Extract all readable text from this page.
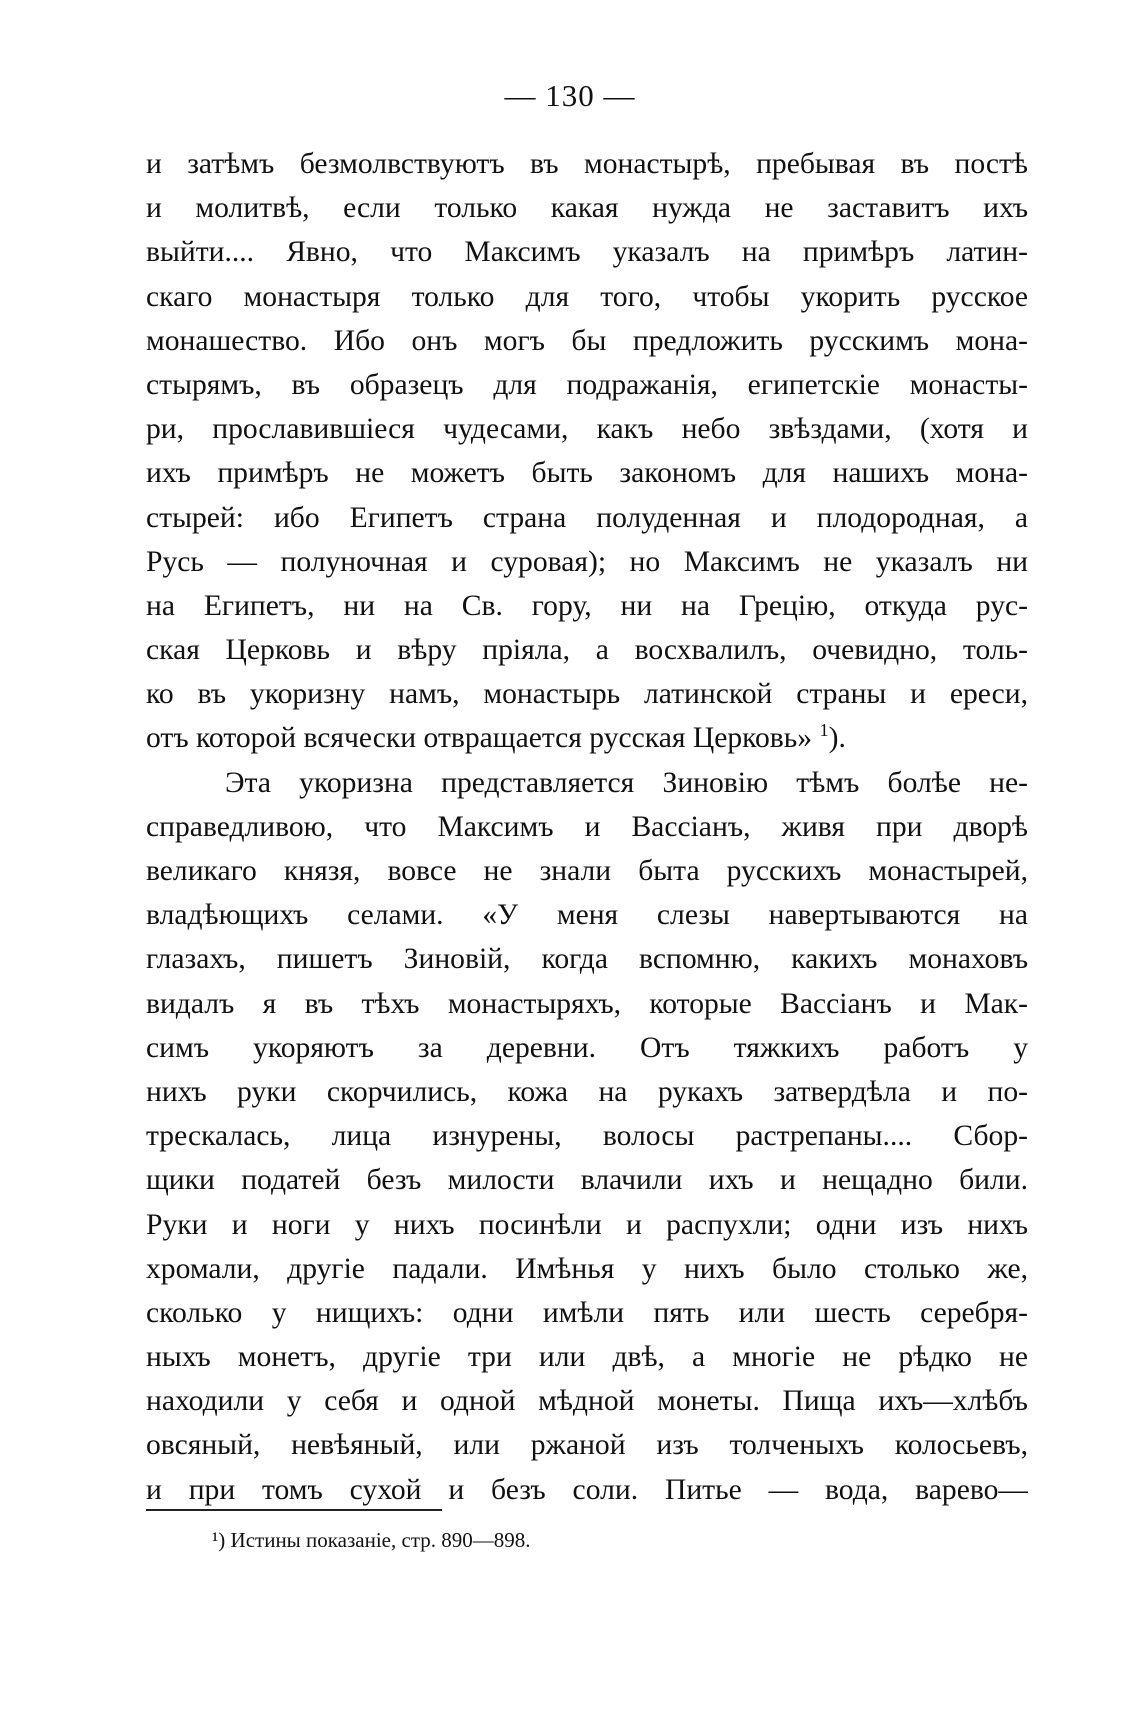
— 130 —
и затѣмъ безмолвствуютъ въ монастырѣ, пребывая въ постѣ
и молитвѣ, если только какая нужда не заставитъ ихъ
выйти.... Явно, что Максимъ указалъ на примѣръ латин-
скаго монастыря только для того, чтобы укорить русское
монашество. Ибо онъ могъ бы предложить русскимъ мона-
стырямъ, въ образецъ для подражанія, египетскіе монасты-
ри, прославившіеся чудесами, какъ небо звѣздами, (хотя и
ихъ примѣръ не можетъ быть закономъ для нашихъ мона-
стырей: ибо Египетъ страна полуденная и плодородная, а
Русь — полуночная и суровая); но Максимъ не указалъ ни
на Египетъ, ни на Св. гору, ни на Грецію, откуда рус-
ская Церковь и вѣру пріяла, а восхвалилъ, очевидно, толь-
ко въ укоризну намъ, монастырь латинской страны и ереси,
отъ которой всячески отвращается русская Церковь» $^1$).
Эта укоризна представляется Зиновію тѣмъ болѣе не-
справедливою, что Максимъ и Вассіанъ, живя при дворѣ
великаго князя, вовсе не знали быта русскихъ монастырей,
владѣющихъ селами. «У меня слезы навертываются на
глазахъ, пишетъ Зиновій, когда вспомню, какихъ монаховъ
видалъ я въ тѣхъ монастыряхъ, которые Вассіанъ и Мак-
симъ укоряютъ за деревни. Отъ тяжкихъ работъ у
нихъ руки скорчились, кожа на рукахъ затвердѣла и по-
трескалась, лица изнурены, волосы растрепаны.... Сбор-
щики податей безъ милости влачили ихъ и нещадно били.
Руки и ноги у нихъ посинѣли и распухли; одни изъ нихъ
хромали, другіе падали. Имѣнья у нихъ было столько же,
сколько у нищихъ: одни имѣли пять или шесть серебря-
ныхъ монетъ, другіе три или двѣ, а многіе не рѣдко не
находили у себя и одной мѣдной монеты. Пища ихъ—хлѣбъ
овсяный, невѣяный, или ржаной изъ толченыхъ колосьевъ,
и при томъ сухой и безъ соли. Питье — вода, варево—
¹) Истины показаніе, стр. 890—898.
